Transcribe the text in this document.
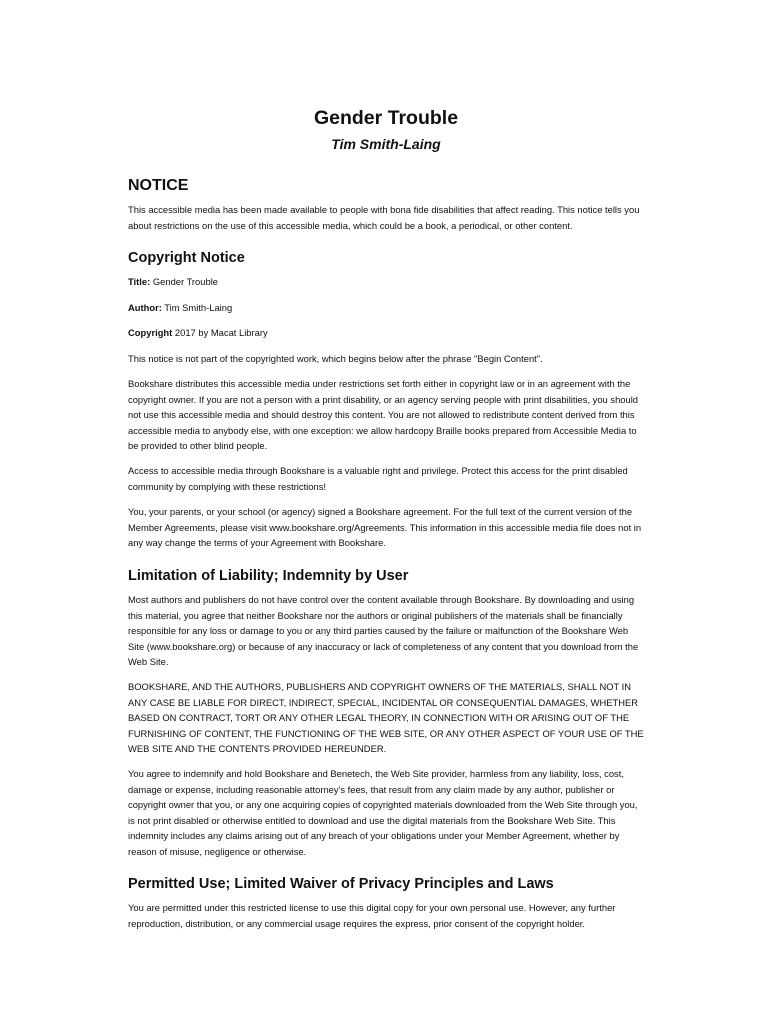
Gender Trouble
Tim Smith-Laing
NOTICE

This accessible media has been made available to people with bona fide disabilities that affect reading. This notice tells you about restrictions on the use of this accessible media, which could be a book, a periodical, or other content.

Copyright Notice

Title: Gender Trouble

Author: Tim Smith-Laing

Copyright 2017 by Macat Library

This notice is not part of the copyrighted work, which begins below after the phrase "Begin Content".

Bookshare distributes this accessible media under restrictions set forth either in copyright law or in an agreement with the copyright owner. If you are not a person with a print disability, or an agency serving people with print disabilities, you should not use this accessible media and should destroy this content. You are not allowed to redistribute content derived from this accessible media to anybody else, with one exception: we allow hardcopy Braille books prepared from Accessible Media to be provided to other blind people.

Access to accessible media through Bookshare is a valuable right and privilege. Protect this access for the print disabled community by complying with these restrictions!

You, your parents, or your school (or agency) signed a Bookshare agreement. For the full text of the current version of the Member Agreements, please visit www.bookshare.org/Agreements. This information in this accessible media file does not in any way change the terms of your Agreement with Bookshare.

Limitation of Liability; Indemnity by User

Most authors and publishers do not have control over the content available through Bookshare. By downloading and using this material, you agree that neither Bookshare nor the authors or original publishers of the materials shall be financially responsible for any loss or damage to you or any third parties caused by the failure or malfunction of the Bookshare Web Site (www.bookshare.org) or because of any inaccuracy or lack of completeness of any content that you download from the Web Site.

BOOKSHARE, AND THE AUTHORS, PUBLISHERS AND COPYRIGHT OWNERS OF THE MATERIALS, SHALL NOT IN ANY CASE BE LIABLE FOR DIRECT, INDIRECT, SPECIAL, INCIDENTAL OR CONSEQUENTIAL DAMAGES, WHETHER BASED ON CONTRACT, TORT OR ANY OTHER LEGAL THEORY, IN CONNECTION WITH OR ARISING OUT OF THE FURNISHING OF CONTENT, THE FUNCTIONING OF THE WEB SITE, OR ANY OTHER ASPECT OF YOUR USE OF THE WEB SITE AND THE CONTENTS PROVIDED HEREUNDER.

You agree to indemnify and hold Bookshare and Benetech, the Web Site provider, harmless from any liability, loss, cost, damage or expense, including reasonable attorney's fees, that result from any claim made by any author, publisher or copyright owner that you, or any one acquiring copies of copyrighted materials downloaded from the Web Site through you, is not print disabled or otherwise entitled to download and use the digital materials from the Bookshare Web Site. This indemnity includes any claims arising out of any breach of your obligations under your Member Agreement, whether by reason of misuse, negligence or otherwise.

Permitted Use; Limited Waiver of Privacy Principles and Laws

You are permitted under this restricted license to use this digital copy for your own personal use. However, any further reproduction, distribution, or any commercial usage requires the express, prior consent of the copyright holder.
